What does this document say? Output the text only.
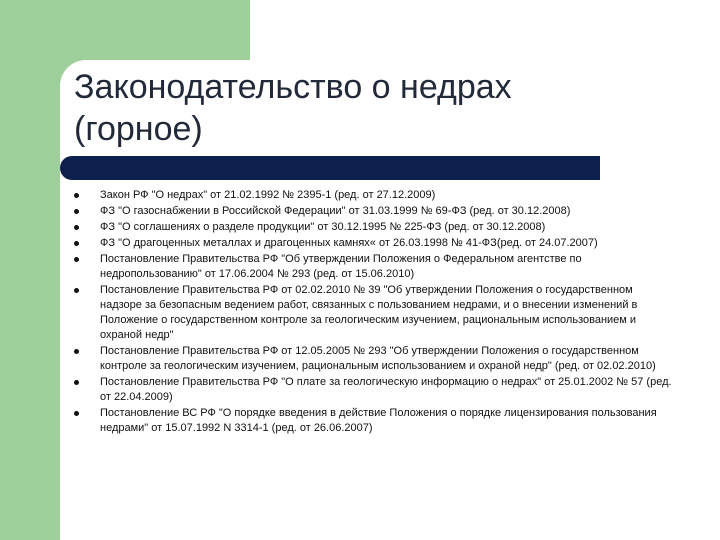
Законодательство о недрах (горное)
Закон РФ "О недрах" от 21.02.1992 № 2395-1 (ред. от 27.12.2009)
ФЗ "О газоснабжении в Российской Федерации" от 31.03.1999 № 69-ФЗ (ред. от 30.12.2008)
ФЗ "О соглашениях о разделе продукции" от 30.12.1995 № 225-ФЗ (ред. от 30.12.2008)
ФЗ "О драгоценных металлах и драгоценных камнях« от 26.03.1998 № 41-ФЗ(ред. от 24.07.2007)
Постановление Правительства РФ "Об утверждении Положения о Федеральном агентстве по недропользованию" от 17.06.2004 № 293 (ред. от 15.06.2010)
Постановление Правительства РФ от 02.02.2010 № 39 "Об утверждении Положения о государственном надзоре за безопасным ведением работ, связанных с пользованием недрами, и о внесении изменений в Положение о государственном контроле за геологическим изучением, рациональным использованием и охраной недр"
Постановление Правительства РФ от 12.05.2005 № 293 "Об утверждении Положения о государственном контроле за геологическим изучением, рациональным использованием и охраной недр" (ред. от 02.02.2010)
Постановление Правительства РФ "О плате за геологическую информацию о недрах" от 25.01.2002 № 57 (ред. от 22.04.2009)
Постановление ВС РФ "О порядке введения в действие Положения о порядке лицензирования пользования недрами" от 15.07.1992 N 3314-1 (ред. от 26.06.2007)
